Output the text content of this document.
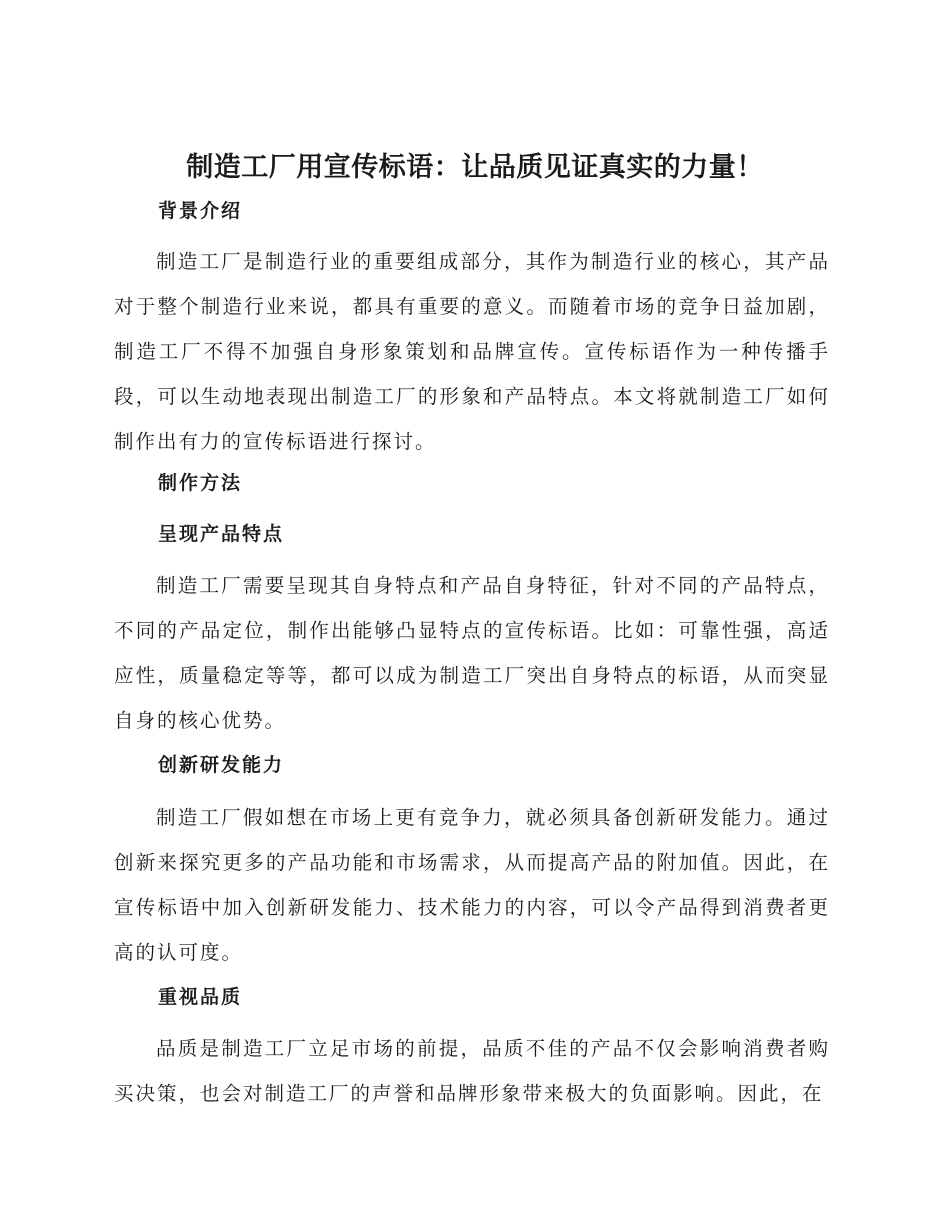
制造工厂用宣传标语：让品质见证真实的力量！
背景介绍

制造工厂是制造行业的重要组成部分，其作为制造行业的核心，其产品对于整个制造行业来说，都具有重要的意义。而随着市场的竞争日益加剧，制造工厂不得不加强自身形象策划和品牌宣传。宣传标语作为一种传播手段，可以生动地表现出制造工厂的形象和产品特点。本文将就制造工厂如何制作出有力的宣传标语进行探讨。

制作方法
呈现产品特点

制造工厂需要呈现其自身特点和产品自身特征，针对不同的产品特点，不同的产品定位，制作出能够凸显特点的宣传标语。比如：可靠性强，高适应性，质量稳定等等，都可以成为制造工厂突出自身特点的标语，从而突显自身的核心优势。

创新研发能力

制造工厂假如想在市场上更有竞争力，就必须具备创新研发能力。通过创新来探究更多的产品功能和市场需求，从而提高产品的附加值。因此，在宣传标语中加入创新研发能力、技术能力的内容，可以令产品得到消费者更高的认可度。

重视品质

品质是制造工厂立足市场的前提，品质不佳的产品不仅会影响消费者购买决策，也会对制造工厂的声誉和品牌形象带来极大的负面影响。因此，在
